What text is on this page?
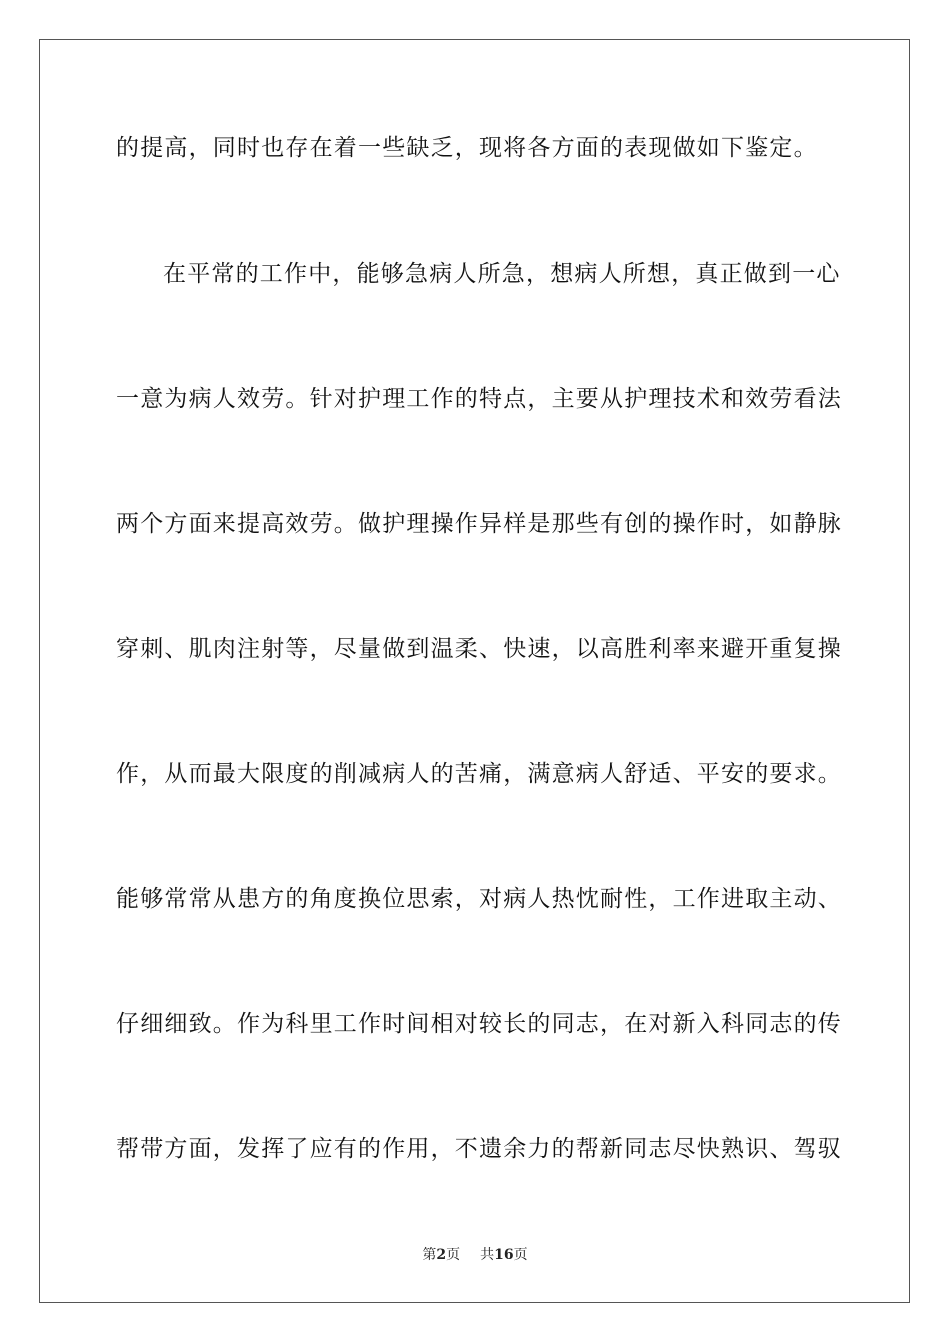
的提高，同时也存在着一些缺乏，现将各方面的表现做如下鉴定。
在平常的工作中，能够急病人所急，想病人所想，真正做到一心
一意为病人效劳。针对护理工作的特点，主要从护理技术和效劳看法
两个方面来提高效劳。做护理操作异样是那些有创的操作时，如静脉
穿刺、肌肉注射等，尽量做到温柔、快速，以高胜利率来避开重复操
作，从而最大限度的削减病人的苦痛，满意病人舒适、平安的要求。
能够常常从患方的角度换位思索，对病人热忱耐性，工作进取主动、
仔细细致。作为科里工作时间相对较长的同志，在对新入科同志的传
帮带方面，发挥了应有的作用，不遗余力的帮新同志尽快熟识、驾驭
第2页 共16页
